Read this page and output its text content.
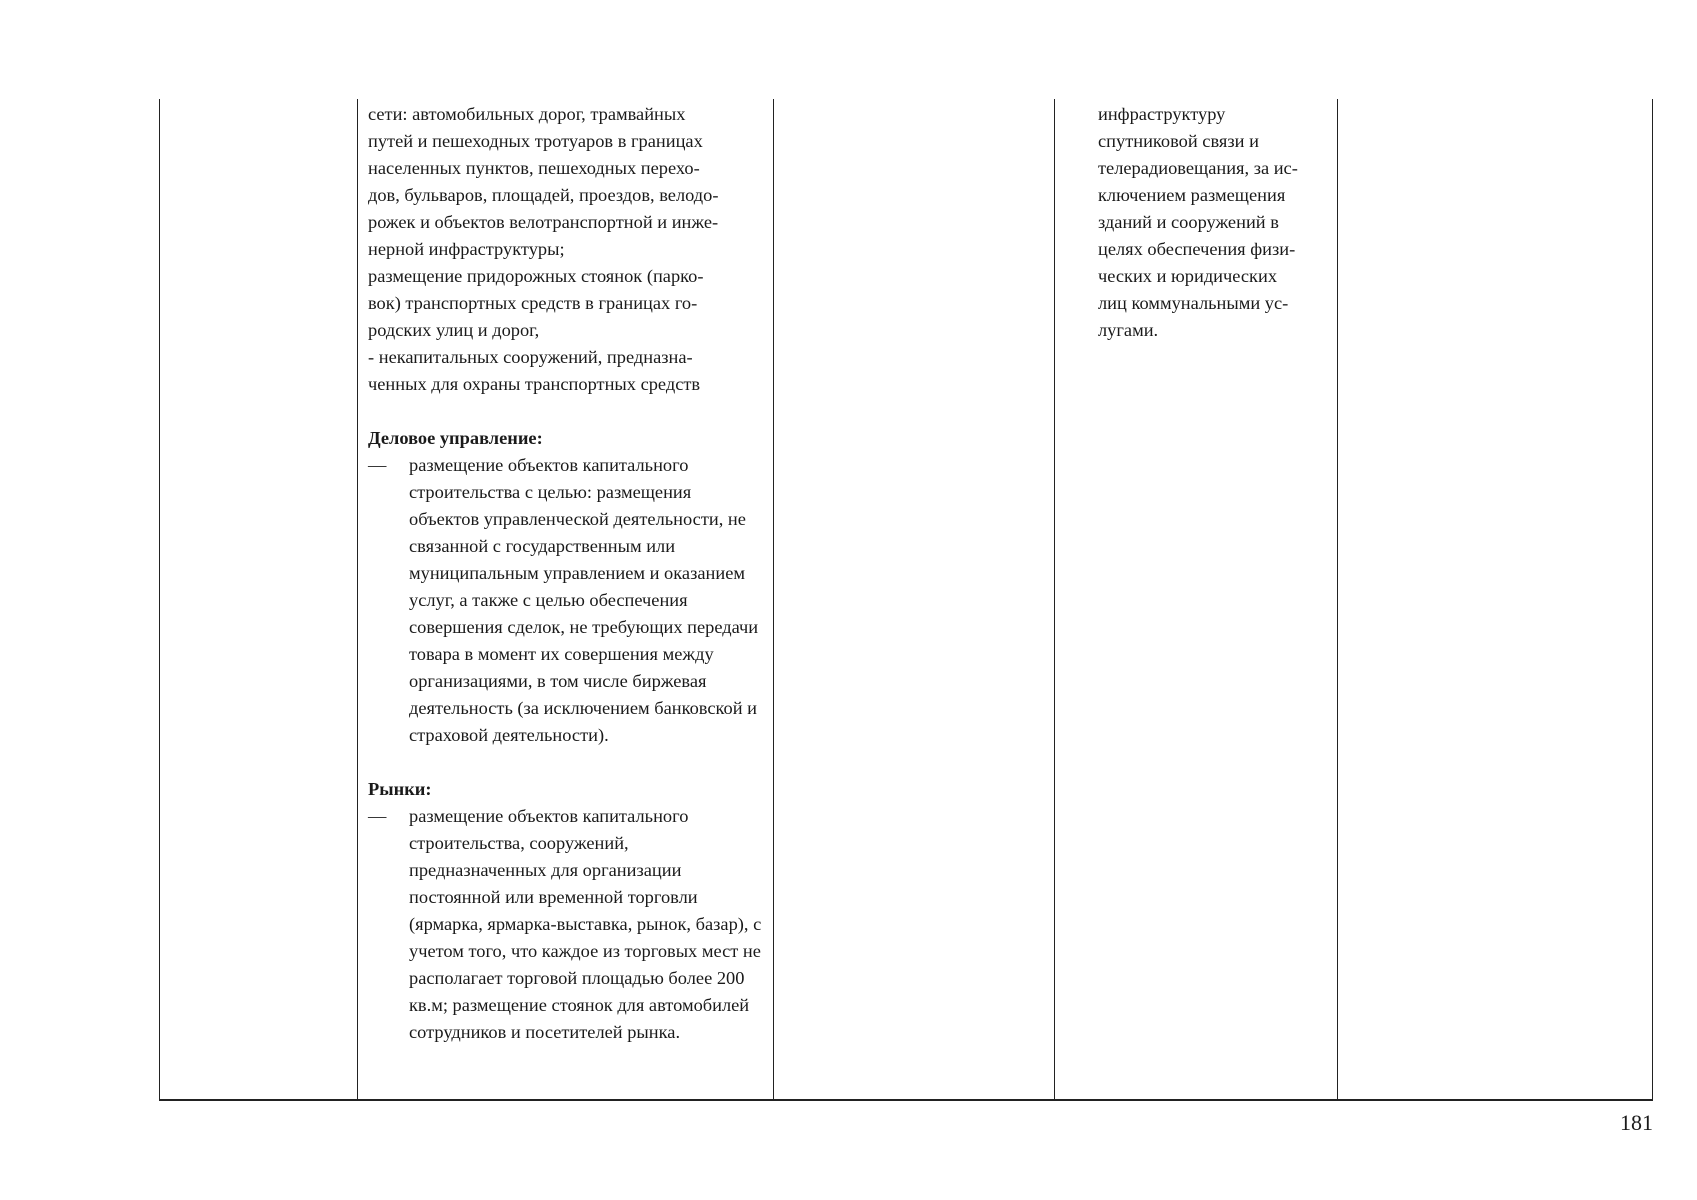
сети: автомобильных дорог, трамвайных

путей и пешеходных тротуаров в границах

населенных пунктов, пешеходных перехо-

дов, бульваров, площадей, проездов, велодо-

рожек и объектов велотранспортной и инже-

нерной инфраструктуры;

размещение придорожных стоянок (парко-

вок) транспортных средств в границах го-

родских улиц и дорог,

- некапитальных сооружений, предназна-

ченных для охраны транспортных средств

Деловое управление:

—	размещение объектов капитального строительства с целью: размещения объектов управленческой деятельности, не связанной с государственным или муниципальным управлением и оказанием услуг, а также с целью обеспечения совершения сделок, не требующих передачи товара в момент их совершения между организациями, в том числе биржевая деятельность (за исключением банковской и страховой деятельности).

Рынки:

—	размещение объектов капитального строительства, сооружений, предназначенных для организации постоянной или временной торговли (ярмарка, ярмарка-выставка, рынок, базар), с учетом того, что каждое из торговых мест не располагает торговой площадью более 200 кв.м; размещение стоянок для автомобилей сотрудников и посетителей рынка.

инфраструктуру

спутниковой связи и

телерадиовещания, за ис-

ключением размещения

зданий и сооружений в

целях обеспечения физи-

ческих и юридических

лиц коммунальными ус-

лугами.

181
